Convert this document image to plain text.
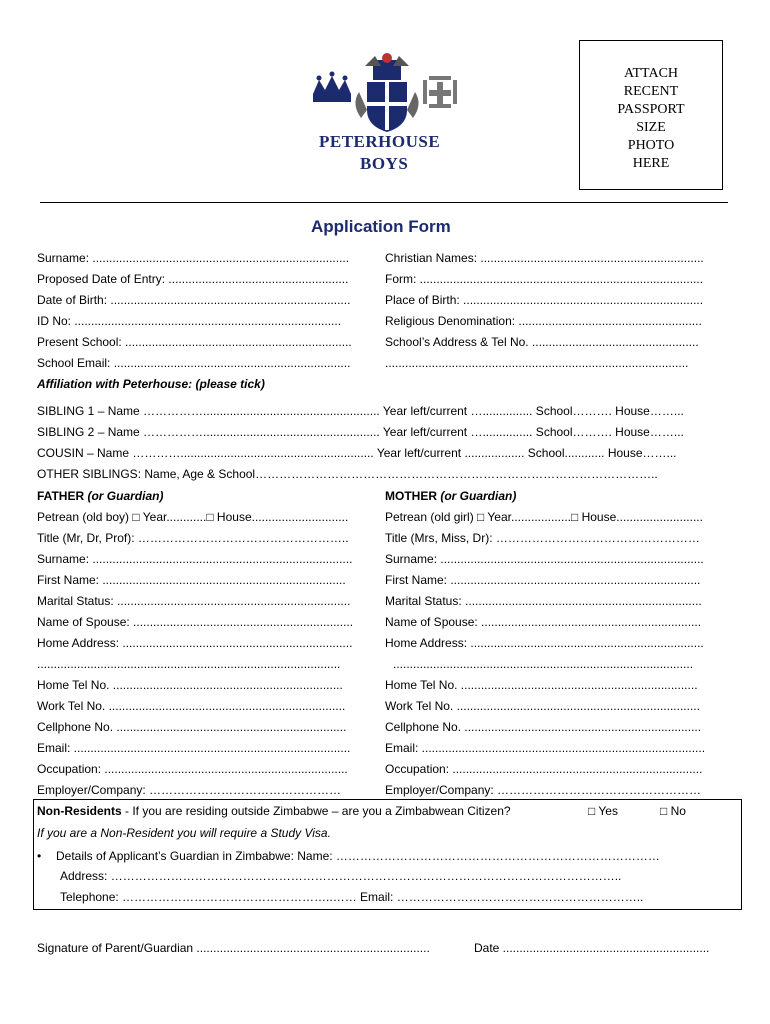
PETERHOUSE
BOYS
ATTACH
RECENT
PASSPORT
SIZE
PHOTO
HERE
Application Form
Surname: .............................................................................	Christian Names: ...................................................................
Proposed Date of Entry: ......................................................	Form: .....................................................................................
Date of Birth: ........................................................................	Place of Birth: ........................................................................
ID No: ................................................................................	Religious Denomination: .......................................................
Present School: ....................................................................	School’s Address & Tel No. ..................................................
School Email: .......................................................................	...........................................................................................
Affiliation with Peterhouse: (please tick)
SIBLING 1 – Name ……………..................................................... Year left/current …............... School………. House……...
SIBLING 2 – Name ……………..................................................... Year left/current …............... School………. House……...
COUSIN – Name ………….......................................................... Year left/current .................. School............ House……...
OTHER SIBLINGS: Name, Age & School………………………………………………………………………………………..
FATHER (or Guardian)	MOTHER (or Guardian)
Petrean (old boy) □ Year............□ House.............................	Petrean (old girl) □ Year..................□ House..........................
Title (Mr, Dr, Prof): ……………………………………………..	Title (Mrs, Miss, Dr): ……………………………………………
Surname: ..............................................................................	Surname: ...............................................................................
First Name: .........................................................................	First Name: ...........................................................................
Marital Status: ......................................................................	Marital Status: .......................................................................
Name of Spouse: ..................................................................	Name of Spouse: ..................................................................
Home Address: .....................................................................	Home Address: ......................................................................
...........................................................................................	..........................................................................................
Home Tel No. .....................................................................	Home Tel No. .......................................................................
Work Tel No. .......................................................................	Work Tel No. .........................................................................
Cellphone No. .....................................................................	Cellphone No. .......................................................................
Email: ...................................................................................	Email: .....................................................................................
Occupation: .........................................................................	Occupation: ...........................................................................
Employer/Company: …………………………………………	Employer/Company: ……………………………………………
Non-Residents - If you are residing outside Zimbabwe – are you a Zimbabwean Citizen?	□ Yes	□ No
If you are a Non-Resident you will require a Study Visa.
• Details of Applicant’s Guardian in Zimbabwe: Name: ………………………………………………………………………
Address: ………………………………………………………………………………………………………………..
Telephone: ……………………………………………..…… Email: ……………………………………………………..
Signature of Parent/Guardian ......................................................................	Date ..............................................................
